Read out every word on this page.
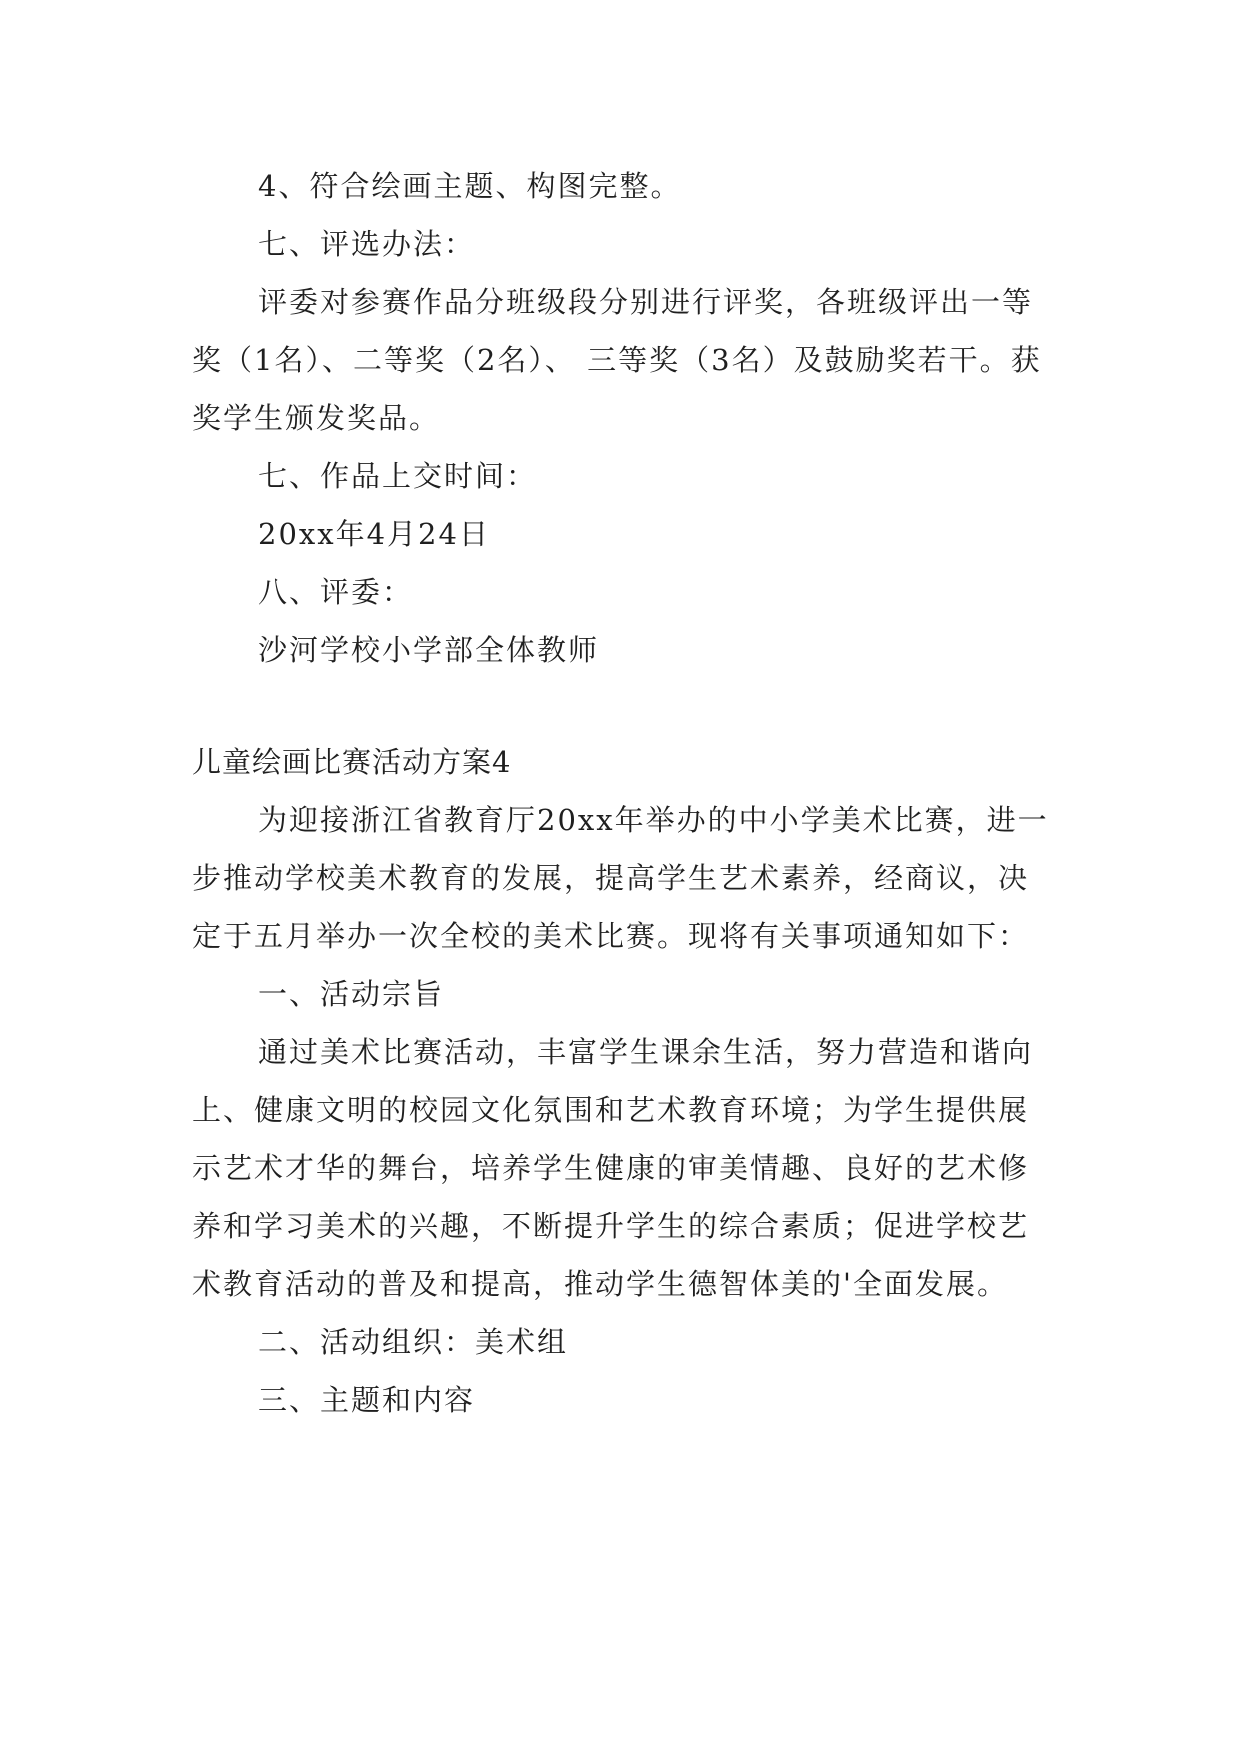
4、符合绘画主题、构图完整。

七、评选办法：

评委对参赛作品分班级段分别进行评奖，各班级评出一等奖（1名）、二等奖（2名）、 三等奖（3名）及鼓励奖若干。获奖学生颁发奖品。

七、作品上交时间：

20xx年4月24日

八、评委：

沙河学校小学部全体教师

儿童绘画比赛活动方案4

为迎接浙江省教育厅20xx年举办的中小学美术比赛，进一步推动学校美术教育的发展，提高学生艺术素养，经商议，决定于五月举办一次全校的美术比赛。现将有关事项通知如下：

一、活动宗旨

通过美术比赛活动，丰富学生课余生活，努力营造和谐向上、健康文明的校园文化氛围和艺术教育环境；为学生提供展示艺术才华的舞台，培养学生健康的审美情趣、良好的艺术修养和学习美术的兴趣，不断提升学生的综合素质；促进学校艺术教育活动的普及和提高，推动学生德智体美的'全面发展。

二、活动组织：美术组

三、主题和内容
